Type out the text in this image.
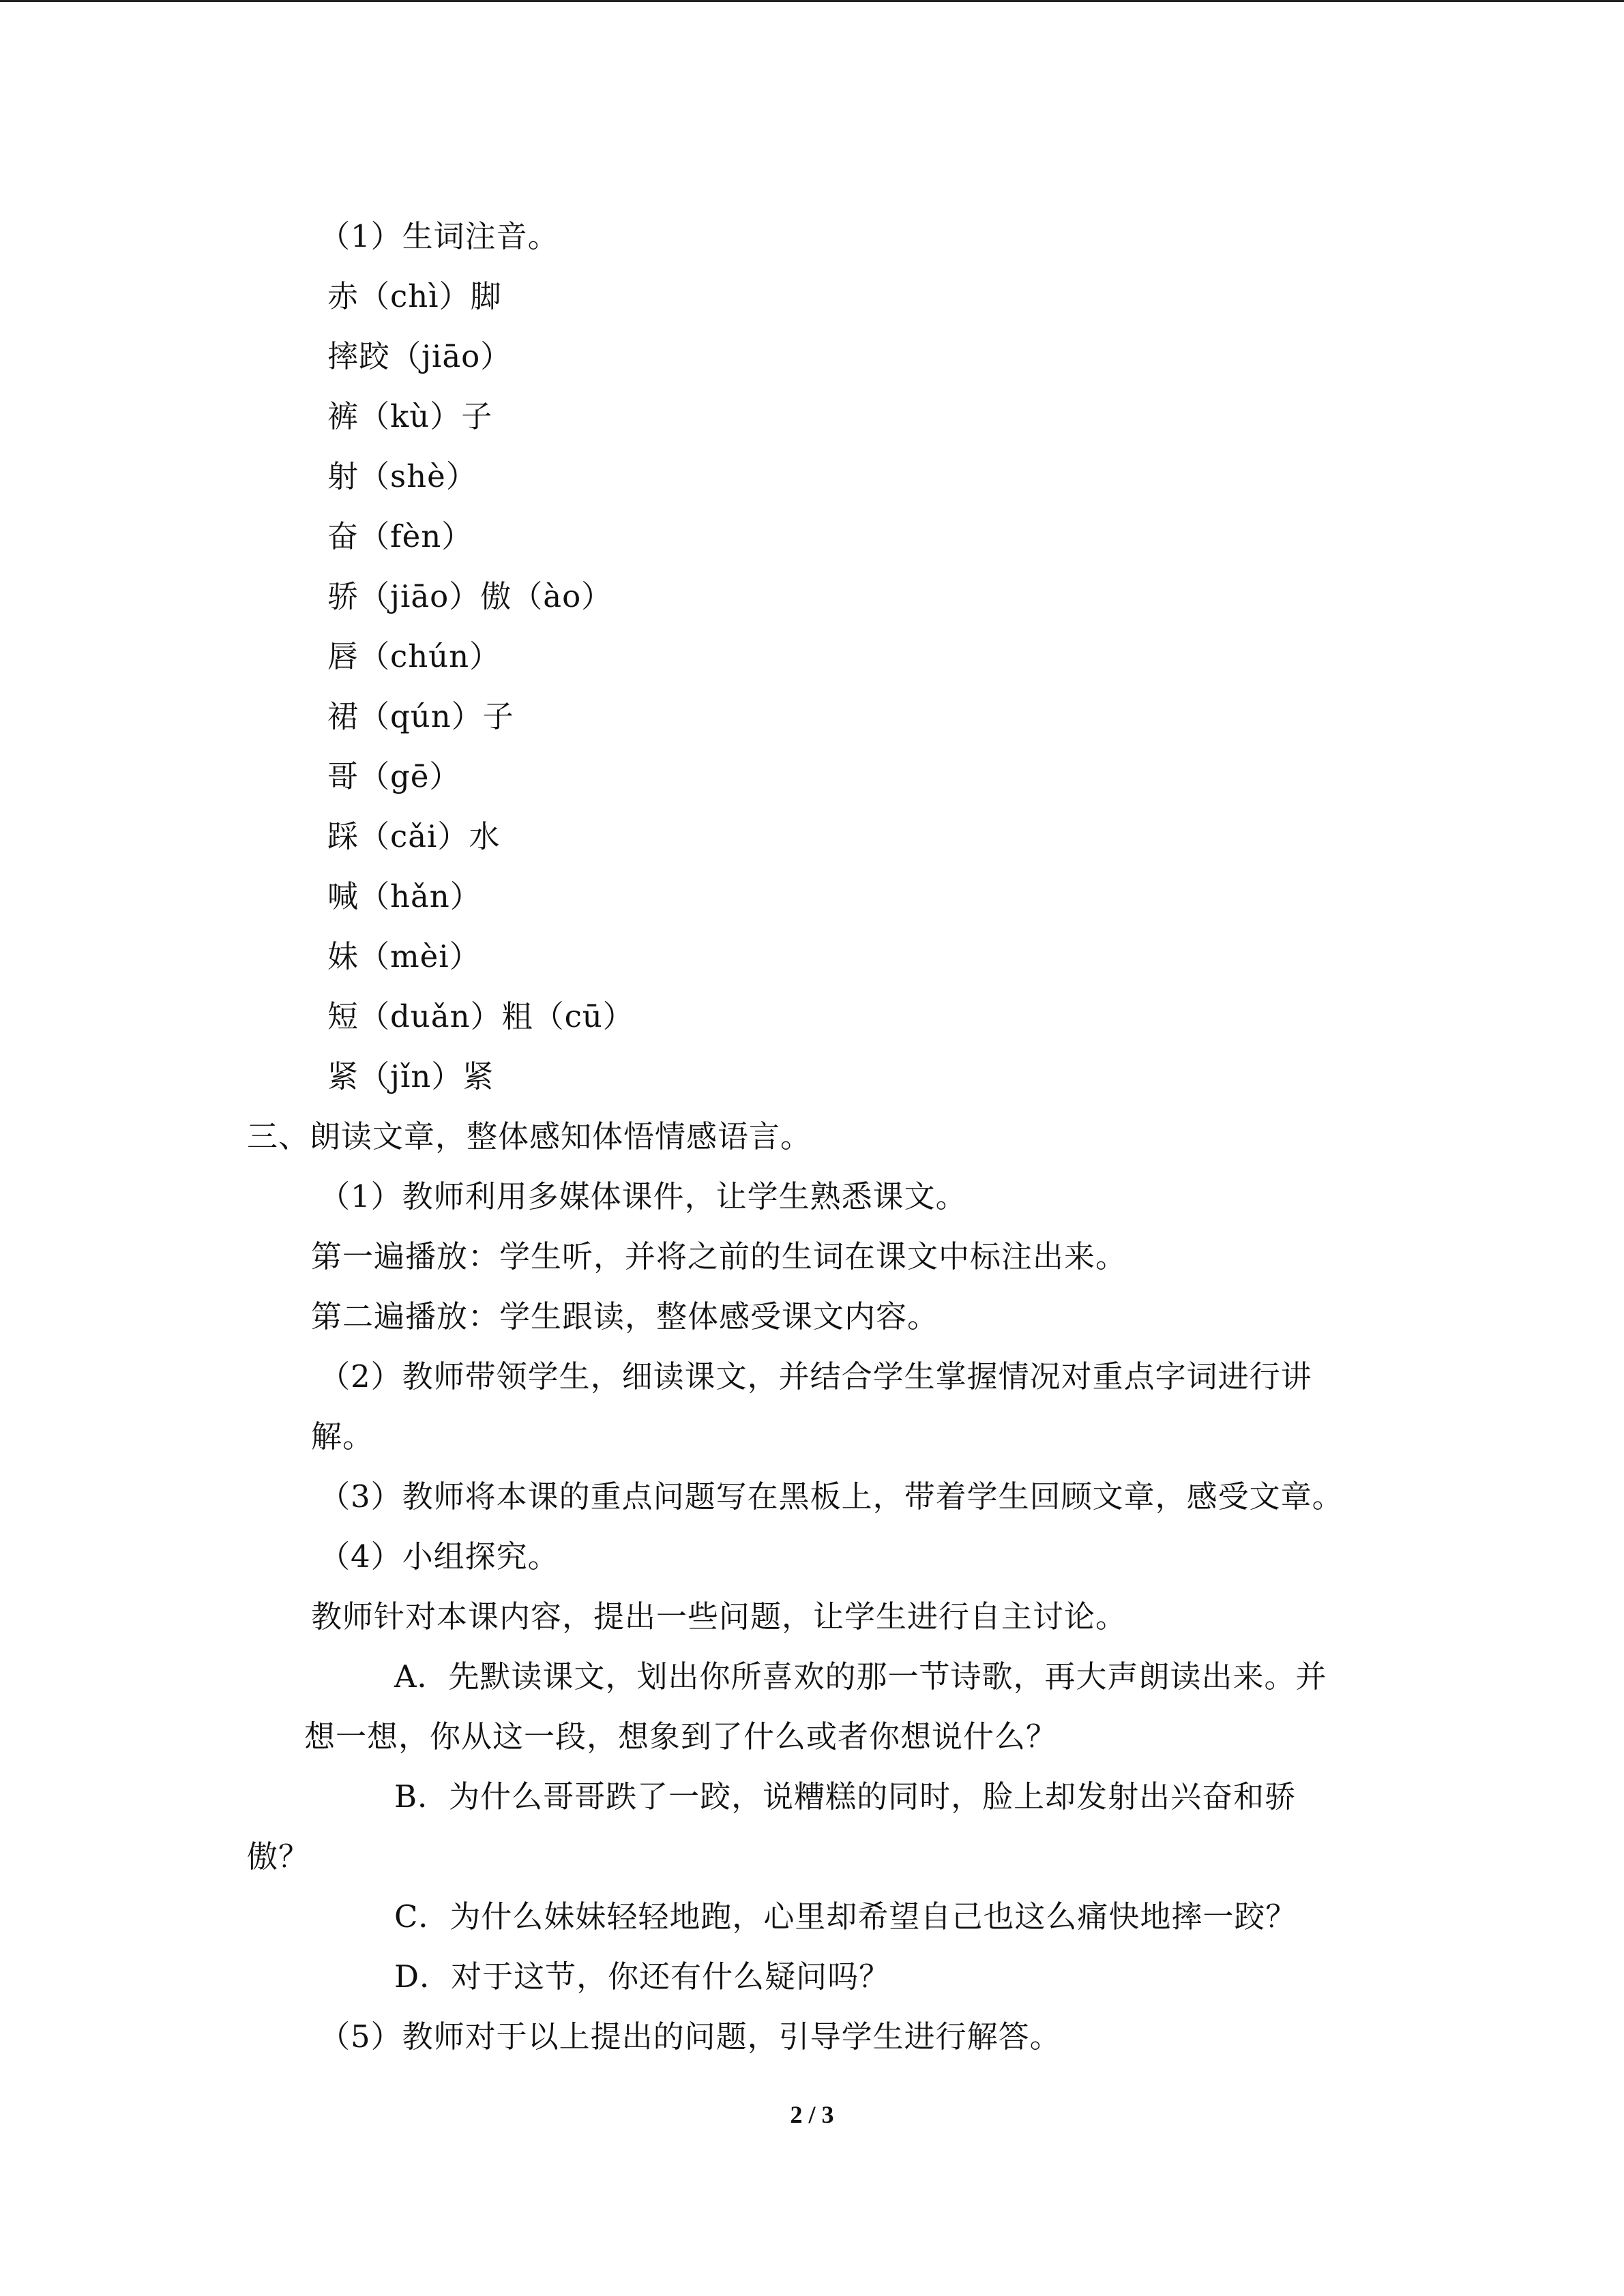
（1）生词注音。
赤（chì）脚
摔跤（jiāo）
裤（kù）子
射（shè）
奋（fèn）
骄（jiāo）傲（ào）
唇（chún）
裙（qún）子
哥（gē）
踩（cǎi）水
喊（hǎn）
妹（mèi）
短（duǎn）粗（cū）
紧（jǐn）紧
三、朗读文章，整体感知体悟情感语言。
（1）教师利用多媒体课件，让学生熟悉课文。
第一遍播放：学生听，并将之前的生词在课文中标注出来。
第二遍播放：学生跟读，整体感受课文内容。
（2）教师带领学生，细读课文，并结合学生掌握情况对重点字词进行讲
解。
（3）教师将本课的重点问题写在黑板上，带着学生回顾文章，感受文章。
（4）小组探究。
教师针对本课内容，提出一些问题，让学生进行自主讨论。
A．先默读课文，划出你所喜欢的那一节诗歌，再大声朗读出来。并
想一想，你从这一段，想象到了什么或者你想说什么？
B．为什么哥哥跌了一跤，说糟糕的同时，脸上却发射出兴奋和骄
傲？
C．为什么妹妹轻轻地跑，心里却希望自己也这么痛快地摔一跤？
D．对于这节，你还有什么疑问吗？
（5）教师对于以上提出的问题，引导学生进行解答。
2 / 3
